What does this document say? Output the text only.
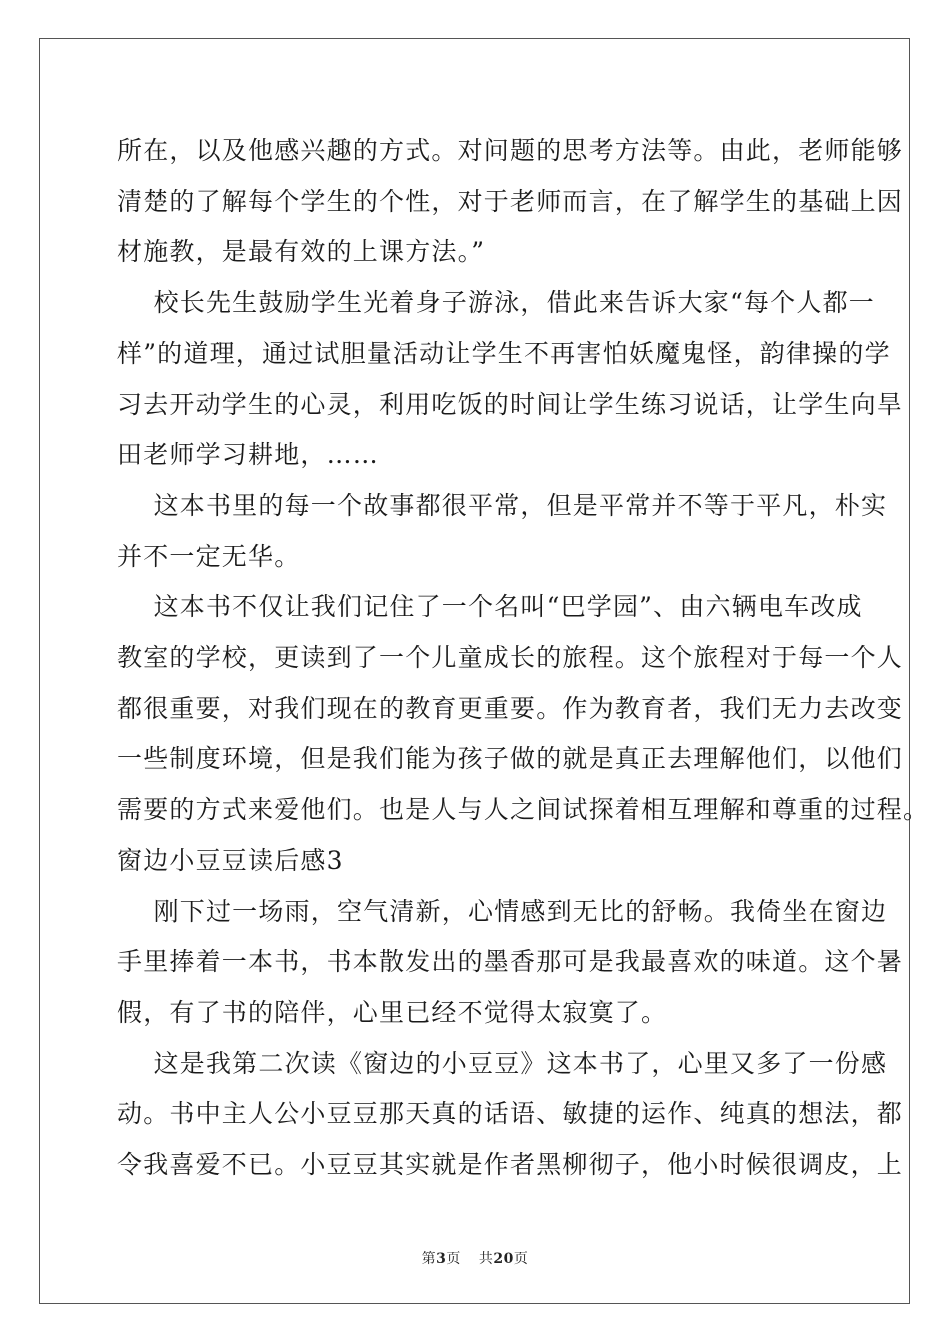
所在，以及他感兴趣的方式。对问题的思考方法等。由此，老师能够

清楚的了解每个学生的个性，对于老师而言，在了解学生的基础上因

材施教，是最有效的上课方法。”

校长先生鼓励学生光着身子游泳，借此来告诉大家“每个人都一

样”的道理，通过试胆量活动让学生不再害怕妖魔鬼怪，韵律操的学

习去开动学生的心灵，利用吃饭的时间让学生练习说话，让学生向旱

田老师学习耕地，……

这本书里的每一个故事都很平常，但是平常并不等于平凡，朴实

并不一定无华。

这本书不仅让我们记住了一个名叫“巴学园”、由六辆电车改成

教室的学校，更读到了一个儿童成长的旅程。这个旅程对于每一个人

都很重要，对我们现在的教育更重要。作为教育者，我们无力去改变

一些制度环境，但是我们能为孩子做的就是真正去理解他们，以他们

需要的方式来爱他们。也是人与人之间试探着相互理解和尊重的过程。

窗边小豆豆读后感3

刚下过一场雨，空气清新，心情感到无比的舒畅。我倚坐在窗边

手里捧着一本书，书本散发出的墨香那可是我最喜欢的味道。这个暑

假，有了书的陪伴，心里已经不觉得太寂寞了。

这是我第二次读《窗边的小豆豆》这本书了，心里又多了一份感

动。书中主人公小豆豆那天真的话语、敏捷的运作、纯真的想法，都

令我喜爱不已。小豆豆其实就是作者黑柳彻子，他小时候很调皮，上

第3页 共20页
